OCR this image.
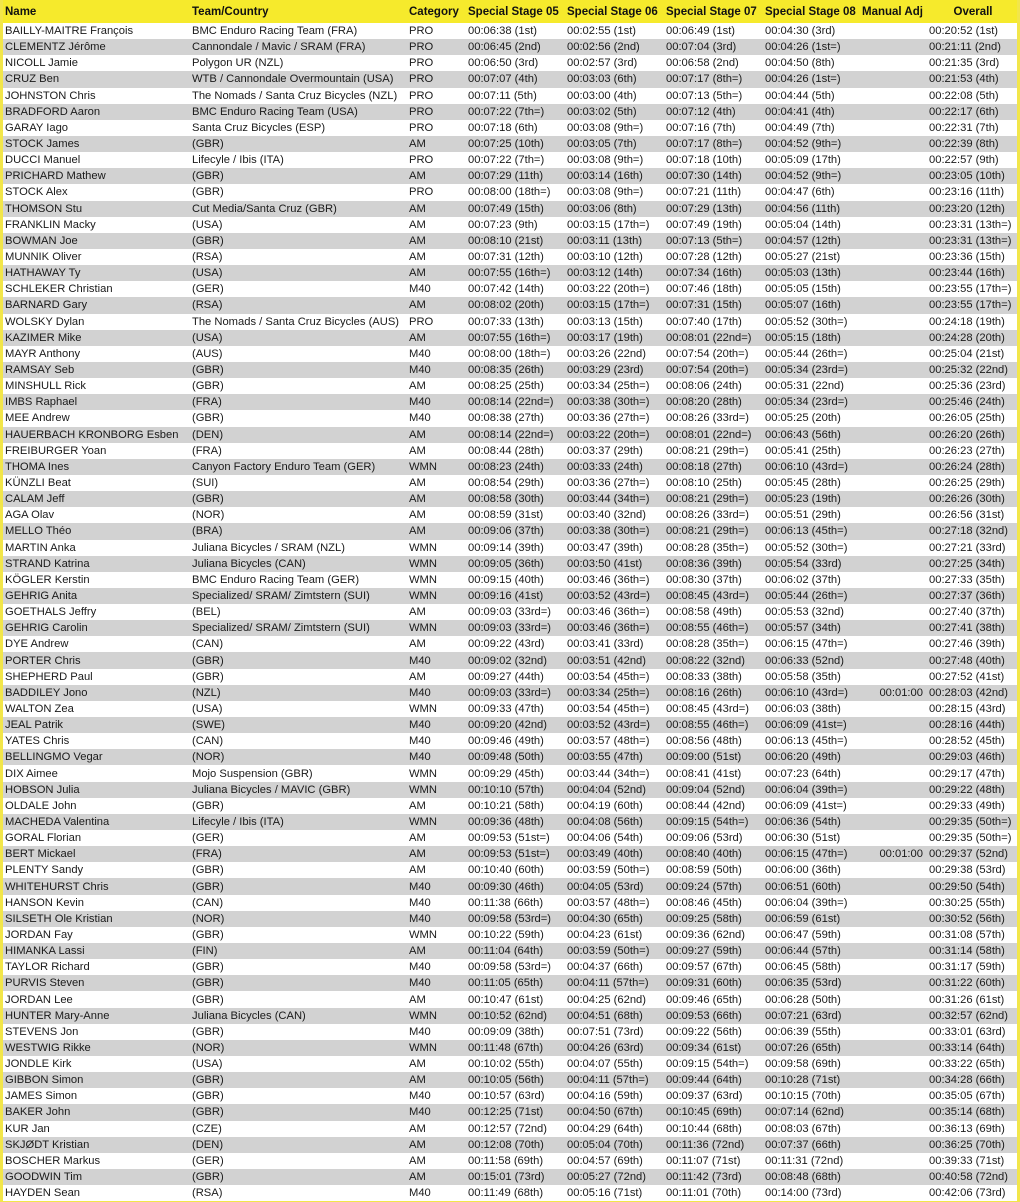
Name	Team/Country	Category	Special Stage 05	Special Stage 06	Special Stage 07	Special Stage 08	Manual Adj	Overall
BAILLY-MAITRE François	BMC Enduro Racing Team (FRA)	PRO	00:06:38 (1st)	00:02:55 (1st)	00:06:49 (1st)	00:04:30 (3rd)		00:20:52 (1st)
CLEMENTZ Jérôme	Cannondale / Mavic / SRAM (FRA)	PRO	00:06:45 (2nd)	00:02:56 (2nd)	00:07:04 (3rd)	00:04:26 (1st=)		00:21:11 (2nd)
NICOLL Jamie	Polygon UR (NZL)	PRO	00:06:50 (3rd)	00:02:57 (3rd)	00:06:58 (2nd)	00:04:50 (8th)		00:21:35 (3rd)
CRUZ Ben	WTB / Cannondale Overmountain (USA)	PRO	00:07:07 (4th)	00:03:03 (6th)	00:07:17 (8th=)	00:04:26 (1st=)		00:21:53 (4th)
JOHNSTON Chris	The Nomads / Santa Cruz Bicycles (NZL)	PRO	00:07:11 (5th)	00:03:00 (4th)	00:07:13 (5th=)	00:04:44 (5th)		00:22:08 (5th)
BRADFORD Aaron	BMC Enduro Racing Team (USA)	PRO	00:07:22 (7th=)	00:03:02 (5th)	00:07:12 (4th)	00:04:41 (4th)		00:22:17 (6th)
GARAY Iago	Santa Cruz Bicycles (ESP)	PRO	00:07:18 (6th)	00:03:08 (9th=)	00:07:16 (7th)	00:04:49 (7th)		00:22:31 (7th)
STOCK James	(GBR)	AM	00:07:25 (10th)	00:03:05 (7th)	00:07:17 (8th=)	00:04:52 (9th=)		00:22:39 (8th)
DUCCI Manuel	Lifecyle / Ibis (ITA)	PRO	00:07:22 (7th=)	00:03:08 (9th=)	00:07:18 (10th)	00:05:09 (17th)		00:22:57 (9th)
PRICHARD Mathew	(GBR)	AM	00:07:29 (11th)	00:03:14 (16th)	00:07:30 (14th)	00:04:52 (9th=)		00:23:05 (10th)
STOCK Alex	(GBR)	PRO	00:08:00 (18th=)	00:03:08 (9th=)	00:07:21 (11th)	00:04:47 (6th)		00:23:16 (11th)
THOMSON Stu	Cut Media/Santa Cruz (GBR)	AM	00:07:49 (15th)	00:03:06 (8th)	00:07:29 (13th)	00:04:56 (11th)		00:23:20 (12th)
FRANKLIN Macky	(USA)	AM	00:07:23 (9th)	00:03:15 (17th=)	00:07:49 (19th)	00:05:04 (14th)		00:23:31 (13th=)
BOWMAN Joe	(GBR)	AM	00:08:10 (21st)	00:03:11 (13th)	00:07:13 (5th=)	00:04:57 (12th)		00:23:31 (13th=)
MUNNIK Oliver	(RSA)	AM	00:07:31 (12th)	00:03:10 (12th)	00:07:28 (12th)	00:05:27 (21st)		00:23:36 (15th)
HATHAWAY Ty	(USA)	AM	00:07:55 (16th=)	00:03:12 (14th)	00:07:34 (16th)	00:05:03 (13th)		00:23:44 (16th)
SCHLEKER Christian	(GER)	M40	00:07:42 (14th)	00:03:22 (20th=)	00:07:46 (18th)	00:05:05 (15th)		00:23:55 (17th=)
BARNARD Gary	(RSA)	AM	00:08:02 (20th)	00:03:15 (17th=)	00:07:31 (15th)	00:05:07 (16th)		00:23:55 (17th=)
WOLSKY Dylan	The Nomads / Santa Cruz Bicycles (AUS)	PRO	00:07:33 (13th)	00:03:13 (15th)	00:07:40 (17th)	00:05:52 (30th=)		00:24:18 (19th)
KAZIMER Mike	(USA)	AM	00:07:55 (16th=)	00:03:17 (19th)	00:08:01 (22nd=)	00:05:15 (18th)		00:24:28 (20th)
MAYR Anthony	(AUS)	M40	00:08:00 (18th=)	00:03:26 (22nd)	00:07:54 (20th=)	00:05:44 (26th=)		00:25:04 (21st)
RAMSAY Seb	(GBR)	M40	00:08:35 (26th)	00:03:29 (23rd)	00:07:54 (20th=)	00:05:34 (23rd=)		00:25:32 (22nd)
MINSHULL Rick	(GBR)	AM	00:08:25 (25th)	00:03:34 (25th=)	00:08:06 (24th)	00:05:31 (22nd)		00:25:36 (23rd)
IMBS Raphael	(FRA)	M40	00:08:14 (22nd=)	00:03:38 (30th=)	00:08:20 (28th)	00:05:34 (23rd=)		00:25:46 (24th)
MEE Andrew	(GBR)	M40	00:08:38 (27th)	00:03:36 (27th=)	00:08:26 (33rd=)	00:05:25 (20th)		00:26:05 (25th)
HAUERBACH KRONBORG Esben	(DEN)	AM	00:08:14 (22nd=)	00:03:22 (20th=)	00:08:01 (22nd=)	00:06:43 (56th)		00:26:20 (26th)
FREIBURGER Yoan	(FRA)	AM	00:08:44 (28th)	00:03:37 (29th)	00:08:21 (29th=)	00:05:41 (25th)		00:26:23 (27th)
THOMA Ines	Canyon Factory Enduro Team (GER)	WMN	00:08:23 (24th)	00:03:33 (24th)	00:08:18 (27th)	00:06:10 (43rd=)		00:26:24 (28th)
KÜNZLI Beat	(SUI)	AM	00:08:54 (29th)	00:03:36 (27th=)	00:08:10 (25th)	00:05:45 (28th)		00:26:25 (29th)
CALAM Jeff	(GBR)	AM	00:08:58 (30th)	00:03:44 (34th=)	00:08:21 (29th=)	00:05:23 (19th)		00:26:26 (30th)
AGA Olav	(NOR)	AM	00:08:59 (31st)	00:03:40 (32nd)	00:08:26 (33rd=)	00:05:51 (29th)		00:26:56 (31st)
MELLO Théo	(BRA)	AM	00:09:06 (37th)	00:03:38 (30th=)	00:08:21 (29th=)	00:06:13 (45th=)		00:27:18 (32nd)
MARTIN Anka	Juliana Bicycles / SRAM (NZL)	WMN	00:09:14 (39th)	00:03:47 (39th)	00:08:28 (35th=)	00:05:52 (30th=)		00:27:21 (33rd)
STRAND Katrina	Juliana Bicycles (CAN)	WMN	00:09:05 (36th)	00:03:50 (41st)	00:08:36 (39th)	00:05:54 (33rd)		00:27:25 (34th)
KÖGLER Kerstin	BMC Enduro Racing Team (GER)	WMN	00:09:15 (40th)	00:03:46 (36th=)	00:08:30 (37th)	00:06:02 (37th)		00:27:33 (35th)
GEHRIG Anita	Specialized/ SRAM/ Zimtstern (SUI)	WMN	00:09:16 (41st)	00:03:52 (43rd=)	00:08:45 (43rd=)	00:05:44 (26th=)		00:27:37 (36th)
GOETHALS Jeffry	(BEL)	AM	00:09:03 (33rd=)	00:03:46 (36th=)	00:08:58 (49th)	00:05:53 (32nd)		00:27:40 (37th)
GEHRIG Carolin	Specialized/ SRAM/ Zimtstern (SUI)	WMN	00:09:03 (33rd=)	00:03:46 (36th=)	00:08:55 (46th=)	00:05:57 (34th)		00:27:41 (38th)
DYE Andrew	(CAN)	AM	00:09:22 (43rd)	00:03:41 (33rd)	00:08:28 (35th=)	00:06:15 (47th=)		00:27:46 (39th)
PORTER Chris	(GBR)	M40	00:09:02 (32nd)	00:03:51 (42nd)	00:08:22 (32nd)	00:06:33 (52nd)		00:27:48 (40th)
SHEPHERD Paul	(GBR)	AM	00:09:27 (44th)	00:03:54 (45th=)	00:08:33 (38th)	00:05:58 (35th)		00:27:52 (41st)
BADDILEY Jono	(NZL)	M40	00:09:03 (33rd=)	00:03:34 (25th=)	00:08:16 (26th)	00:06:10 (43rd=)	00:01:00	00:28:03 (42nd)
WALTON Zea	(USA)	WMN	00:09:33 (47th)	00:03:54 (45th=)	00:08:45 (43rd=)	00:06:03 (38th)		00:28:15 (43rd)
JEAL Patrik	(SWE)	M40	00:09:20 (42nd)	00:03:52 (43rd=)	00:08:55 (46th=)	00:06:09 (41st=)		00:28:16 (44th)
YATES Chris	(CAN)	M40	00:09:46 (49th)	00:03:57 (48th=)	00:08:56 (48th)	00:06:13 (45th=)		00:28:52 (45th)
BELLINGMO Vegar	(NOR)	M40	00:09:48 (50th)	00:03:55 (47th)	00:09:00 (51st)	00:06:20 (49th)		00:29:03 (46th)
DIX Aimee	Mojo Suspension (GBR)	WMN	00:09:29 (45th)	00:03:44 (34th=)	00:08:41 (41st)	00:07:23 (64th)		00:29:17 (47th)
HOBSON Julia	Juliana Bicycles / MAVIC (GBR)	WMN	00:10:10 (57th)	00:04:04 (52nd)	00:09:04 (52nd)	00:06:04 (39th=)		00:29:22 (48th)
OLDALE John	(GBR)	AM	00:10:21 (58th)	00:04:19 (60th)	00:08:44 (42nd)	00:06:09 (41st=)		00:29:33 (49th)
MACHEDA Valentina	Lifecyle / Ibis (ITA)	WMN	00:09:36 (48th)	00:04:08 (56th)	00:09:15 (54th=)	00:06:36 (54th)		00:29:35 (50th=)
GORAL Florian	(GER)	AM	00:09:53 (51st=)	00:04:06 (54th)	00:09:06 (53rd)	00:06:30 (51st)		00:29:35 (50th=)
BERT Mickael	(FRA)	AM	00:09:53 (51st=)	00:03:49 (40th)	00:08:40 (40th)	00:06:15 (47th=)	00:01:00	00:29:37 (52nd)
PLENTY Sandy	(GBR)	AM	00:10:40 (60th)	00:03:59 (50th=)	00:08:59 (50th)	00:06:00 (36th)		00:29:38 (53rd)
WHITEHURST Chris	(GBR)	M40	00:09:30 (46th)	00:04:05 (53rd)	00:09:24 (57th)	00:06:51 (60th)		00:29:50 (54th)
HANSON Kevin	(CAN)	M40	00:11:38 (66th)	00:03:57 (48th=)	00:08:46 (45th)	00:06:04 (39th=)		00:30:25 (55th)
SILSETH Ole Kristian	(NOR)	M40	00:09:58 (53rd=)	00:04:30 (65th)	00:09:25 (58th)	00:06:59 (61st)		00:30:52 (56th)
JORDAN Fay	(GBR)	WMN	00:10:22 (59th)	00:04:23 (61st)	00:09:36 (62nd)	00:06:47 (59th)		00:31:08 (57th)
HIMANKA Lassi	(FIN)	AM	00:11:04 (64th)	00:03:59 (50th=)	00:09:27 (59th)	00:06:44 (57th)		00:31:14 (58th)
TAYLOR Richard	(GBR)	M40	00:09:58 (53rd=)	00:04:37 (66th)	00:09:57 (67th)	00:06:45 (58th)		00:31:17 (59th)
PURVIS Steven	(GBR)	M40	00:11:05 (65th)	00:04:11 (57th=)	00:09:31 (60th)	00:06:35 (53rd)		00:31:22 (60th)
JORDAN Lee	(GBR)	AM	00:10:47 (61st)	00:04:25 (62nd)	00:09:46 (65th)	00:06:28 (50th)		00:31:26 (61st)
HUNTER Mary-Anne	Juliana Bicycles (CAN)	WMN	00:10:52 (62nd)	00:04:51 (68th)	00:09:53 (66th)	00:07:21 (63rd)		00:32:57 (62nd)
STEVENS Jon	(GBR)	M40	00:09:09 (38th)	00:07:51 (73rd)	00:09:22 (56th)	00:06:39 (55th)		00:33:01 (63rd)
WESTWIG Rikke	(NOR)	WMN	00:11:48 (67th)	00:04:26 (63rd)	00:09:34 (61st)	00:07:26 (65th)		00:33:14 (64th)
JONDLE Kirk	(USA)	AM	00:10:02 (55th)	00:04:07 (55th)	00:09:15 (54th=)	00:09:58 (69th)		00:33:22 (65th)
GIBBON Simon	(GBR)	AM	00:10:05 (56th)	00:04:11 (57th=)	00:09:44 (64th)	00:10:28 (71st)		00:34:28 (66th)
JAMES Simon	(GBR)	M40	00:10:57 (63rd)	00:04:16 (59th)	00:09:37 (63rd)	00:10:15 (70th)		00:35:05 (67th)
BAKER John	(GBR)	M40	00:12:25 (71st)	00:04:50 (67th)	00:10:45 (69th)	00:07:14 (62nd)		00:35:14 (68th)
KUR Jan	(CZE)	AM	00:12:57 (72nd)	00:04:29 (64th)	00:10:44 (68th)	00:08:03 (67th)		00:36:13 (69th)
SKJØDT Kristian	(DEN)	AM	00:12:08 (70th)	00:05:04 (70th)	00:11:36 (72nd)	00:07:37 (66th)		00:36:25 (70th)
BOSCHER Markus	(GER)	AM	00:11:58 (69th)	00:04:57 (69th)	00:11:07 (71st)	00:11:31 (72nd)		00:39:33 (71st)
GOODWIN Tim	(GBR)	AM	00:15:01 (73rd)	00:05:27 (72nd)	00:11:42 (73rd)	00:08:48 (68th)		00:40:58 (72nd)
HAYDEN Sean	(RSA)	M40	00:11:49 (68th)	00:05:16 (71st)	00:11:01 (70th)	00:14:00 (73rd)		00:42:06 (73rd)
